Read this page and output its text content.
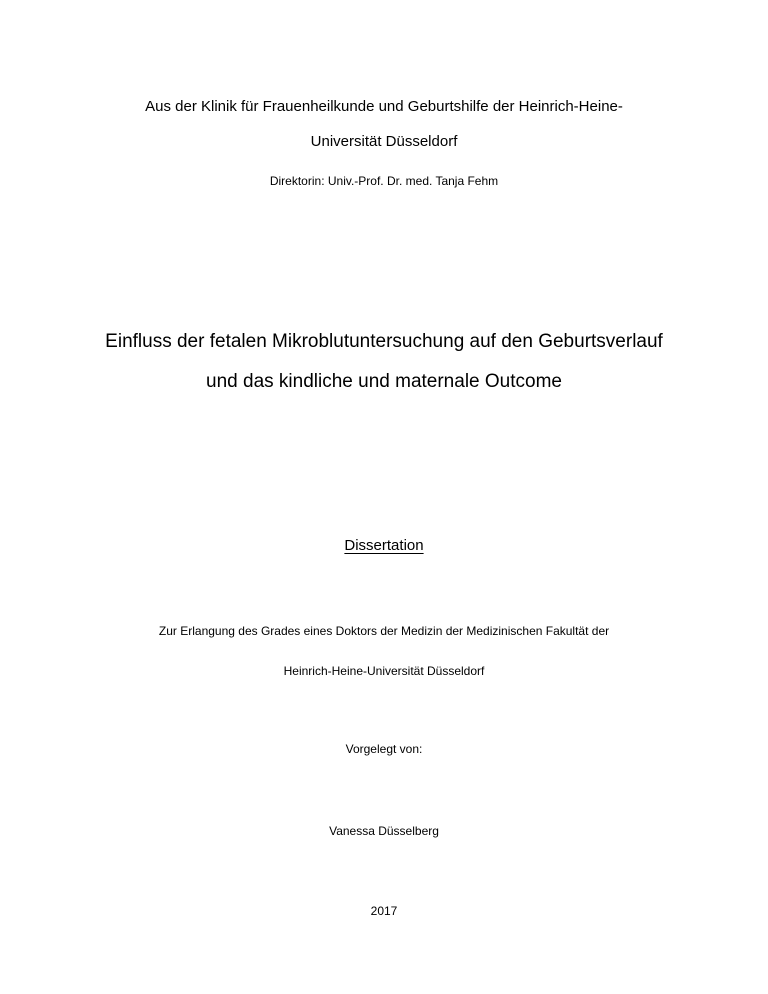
Aus der Klinik für Frauenheilkunde und Geburtshilfe der Heinrich-Heine-
Universität Düsseldorf
Direktorin: Univ.-Prof. Dr. med. Tanja Fehm
Einfluss der fetalen Mikroblutuntersuchung auf den Geburtsverlauf
und das kindliche und maternale Outcome
Dissertation
Zur Erlangung des Grades eines Doktors der Medizin der Medizinischen Fakultät der
Heinrich-Heine-Universität Düsseldorf
Vorgelegt von:
Vanessa Düsselberg
2017
